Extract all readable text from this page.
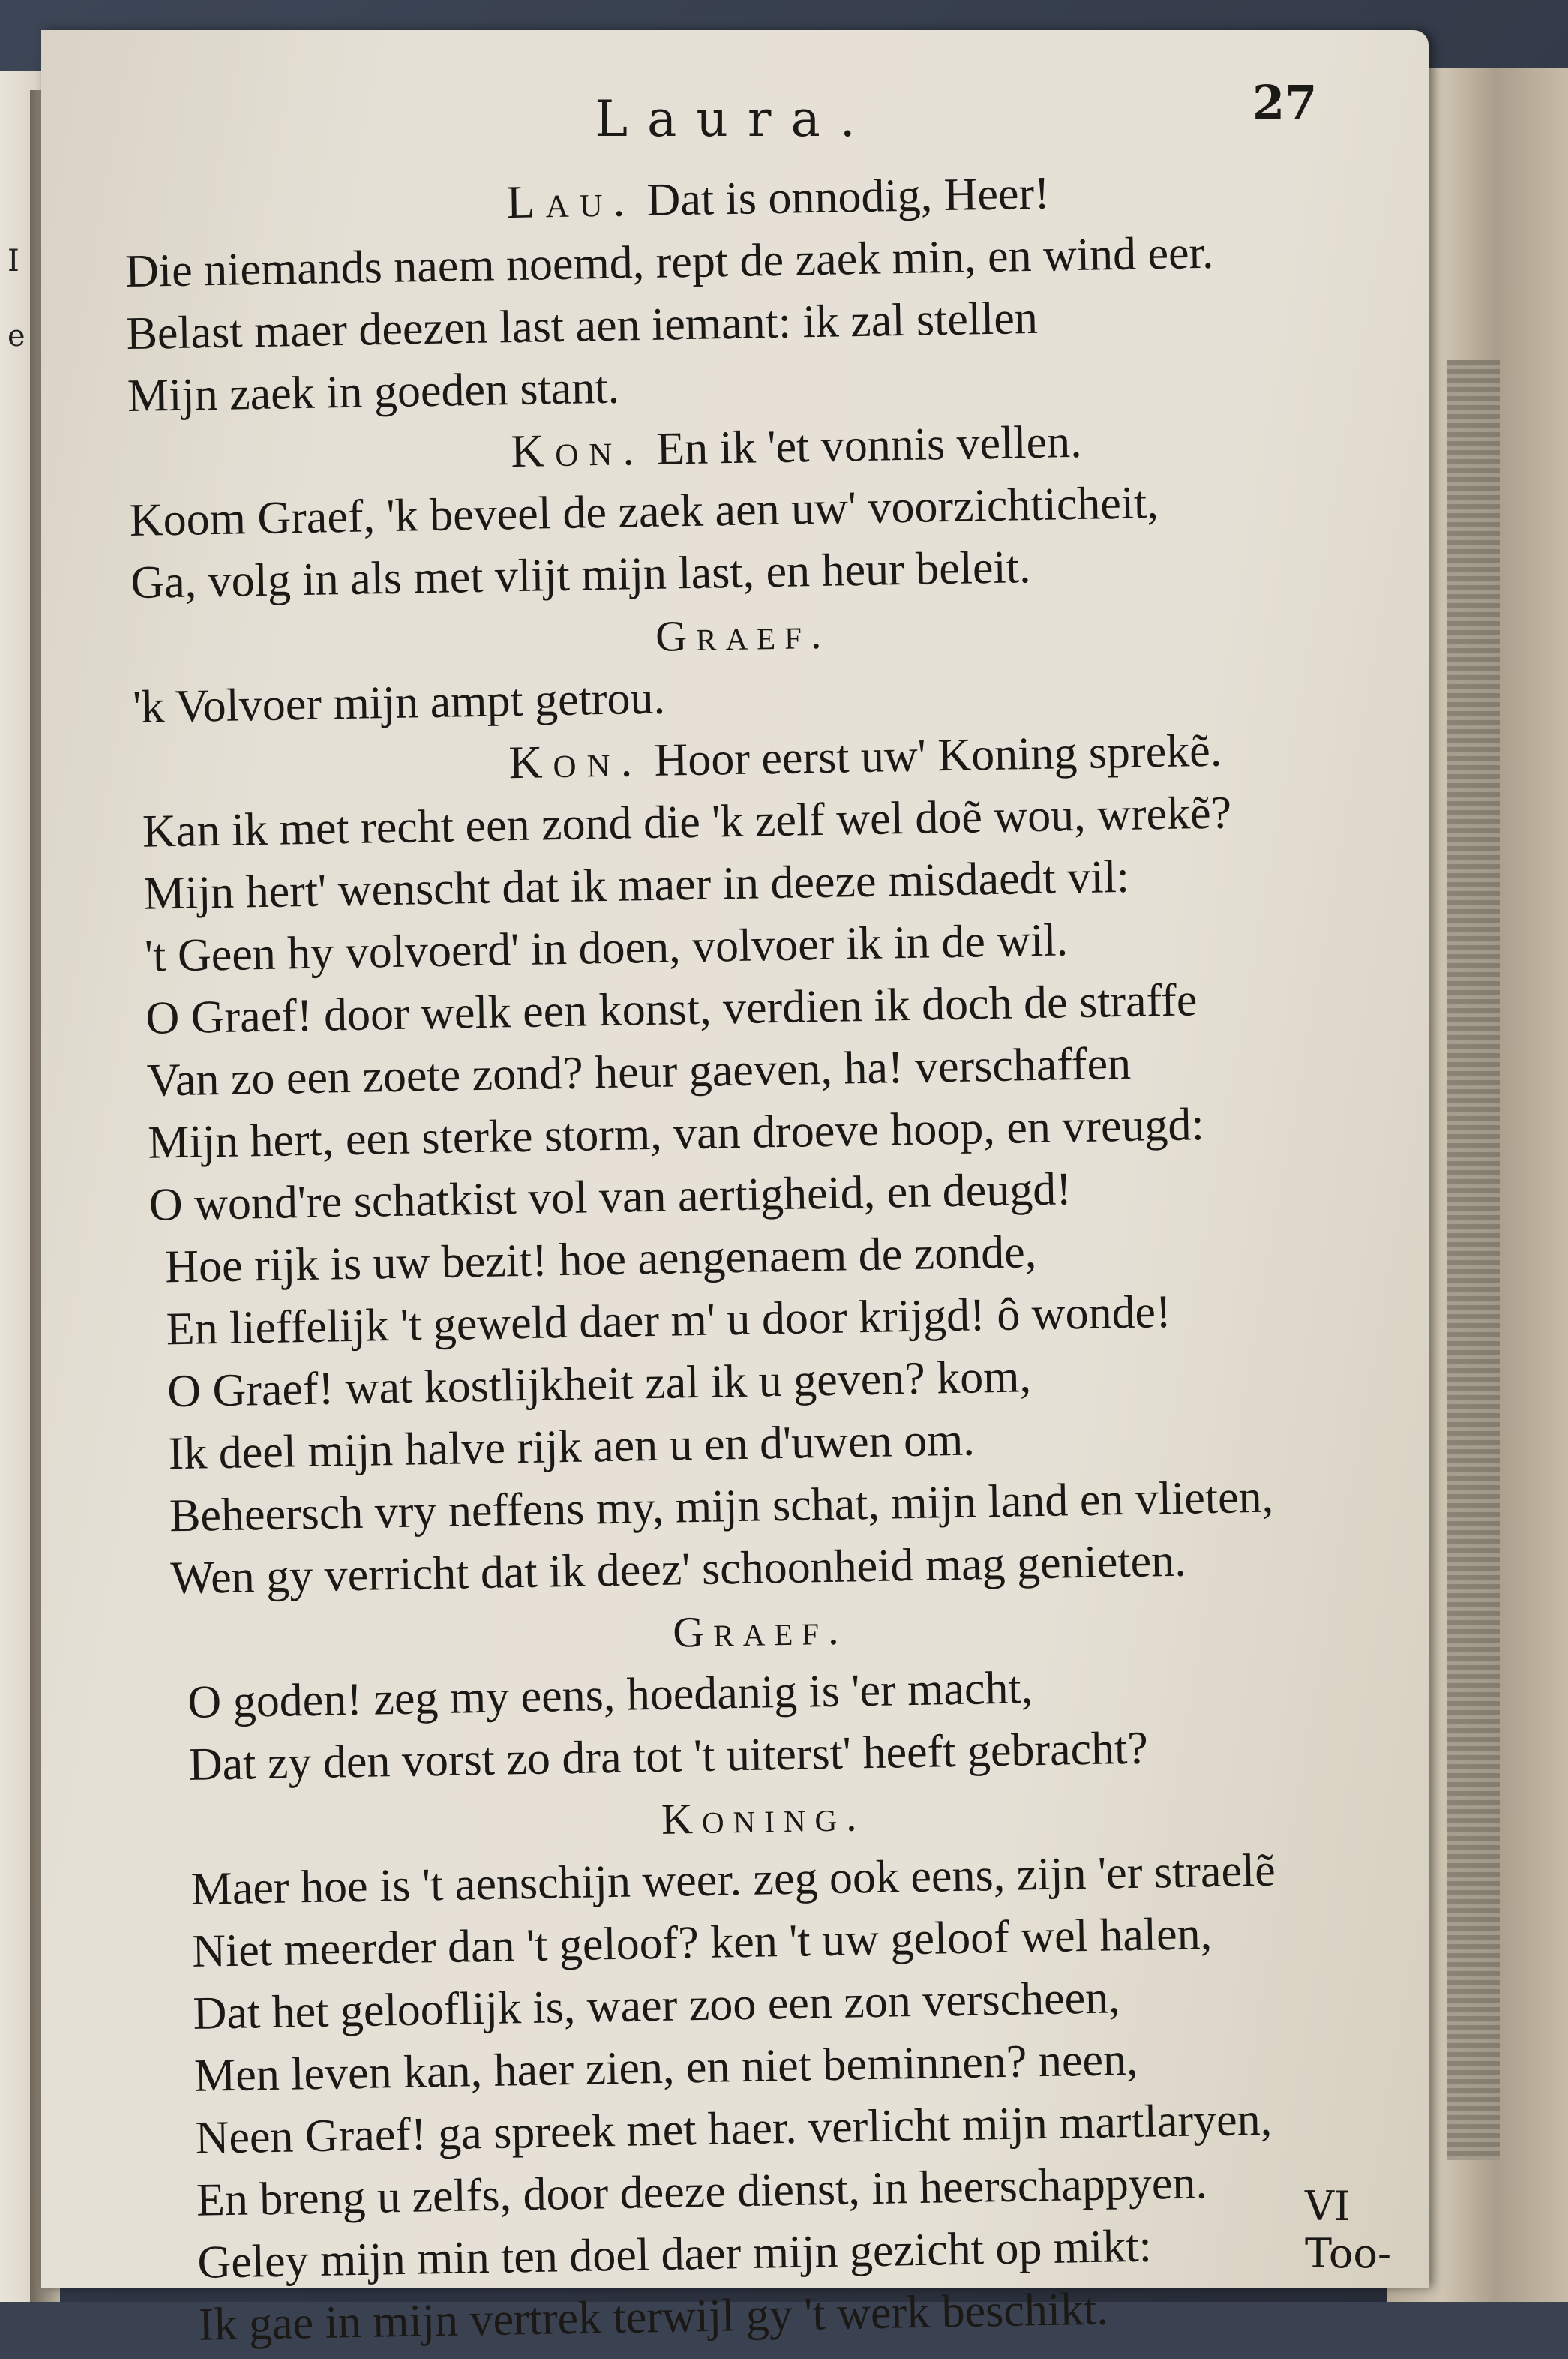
I
e
Laura.	27
Lau. Dat is onnodig, Heer!
Die niemands naem noemd, rept de zaek min, en wind eer.
Belast maer deezen last aen iemant: ik zal stellen
Mijn zaek in goeden stant.
Kon. En ik 'et vonnis vellen.
Koom Graef, 'k beveel de zaek aen uw' voorzichticheit,
Ga, volg in als met vlijt mijn last, en heur beleit.
Graef.
'k Volvoer mijn ampt getrou.
Kon. Hoor eerst uw' Koning sprekẽ.
Kan ik met recht een zond die 'k zelf wel doẽ wou, wrekẽ?
Mijn hert' wenscht dat ik maer in deeze misdaedt vil:
't Geen hy volvoerd' in doen, volvoer ik in de wil.
O Graef! door welk een konst, verdien ik doch de straffe
Van zo een zoete zond? heur gaeven, ha! verschaffen
Mijn hert, een sterke storm, van droeve hoop, en vreugd:
O wond're schatkist vol van aertigheid, en deugd!
Hoe rijk is uw bezit! hoe aengenaem de zonde,
En lieffelijk 't geweld daer m' u door krijgd! ô wonde!
O Graef! wat kostlijkheit zal ik u geven? kom,
Ik deel mijn halve rijk aen u en d'uwen om.
Beheersch vry neffens my, mijn schat, mijn land en vlieten,
Wen gy verricht dat ik deez' schoonheid mag genieten.
Graef.
O goden! zeg my eens, hoedanig is 'er macht,
Dat zy den vorst zo dra tot 't uiterst' heeft gebracht?
Koning.
Maer hoe is 't aenschijn weer. zeg ook eens, zijn 'er straelẽ
Niet meerder dan 't geloof? ken 't uw geloof wel halen,
Dat het gelooflijk is, waer zoo een zon verscheen,
Men leven kan, haer zien, en niet beminnen? neen,
Neen Graef! ga spreek met haer. verlicht mijn martlaryen,
En breng u zelfs, door deeze dienst, in heerschappyen.
Geley mijn min ten doel daer mijn gezicht op mikt:
Ik gae in mijn vertrek terwijl gy 't werk beschikt.
VI Too-
